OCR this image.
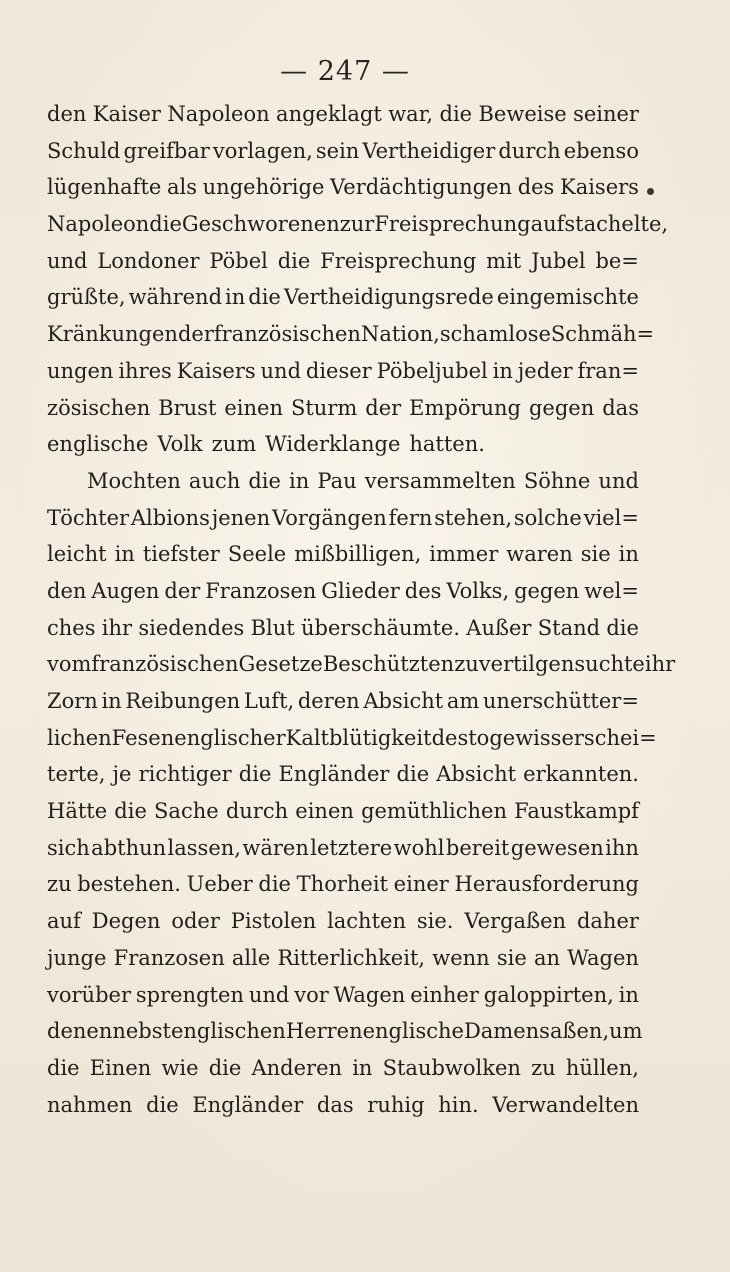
— 247 —
den Kaiser Napoleon angeklagt war, die Beweise seiner
Schuld greifbar vorlagen, sein Vertheidiger durch ebenso
lügenhafte als ungehörige Verdächtigungen des Kaisers
Napoleon die Geschworenen zur Freisprechung aufstachelte,
und Londoner Pöbel die Freisprechung mit Jubel be=
grüßte, während in die Vertheidigungsrede eingemischte
Kränkungen der französischen Nation, schamlose Schmäh=
ungen ihres Kaisers und dieser Pöbeljubel in jeder fran=
zösischen Brust einen Sturm der Empörung gegen das
englische Volk zum Widerklange hatten.
Mochten auch die in Pau versammelten Söhne und
Töchter Albions jenen Vorgängen fern stehen, solche viel=
leicht in tiefster Seele mißbilligen, immer waren sie in
den Augen der Franzosen Glieder des Volks, gegen wel=
ches ihr siedendes Blut überschäumte. Außer Stand die
vom französischen Gesetze Beschützten zu vertilgen suchte ihr
Zorn in Reibungen Luft, deren Absicht am unerschütter=
lichen Fesen englischer Kaltblütigkeit desto gewisser schei=
terte, je richtiger die Engländer die Absicht erkannten.
Hätte die Sache durch einen gemüthlichen Faustkampf
sich abthun lassen, wären letztere wohl bereit gewesen ihn
zu bestehen. Ueber die Thorheit einer Herausforderung
auf Degen oder Pistolen lachten sie. Vergaßen daher
junge Franzosen alle Ritterlichkeit, wenn sie an Wagen
vorüber sprengten und vor Wagen einher galoppirten, in
denen nebst englischen Herren englische Damen saßen, um
die Einen wie die Anderen in Staubwolken zu hüllen,
nahmen die Engländer das ruhig hin. Verwandelten
